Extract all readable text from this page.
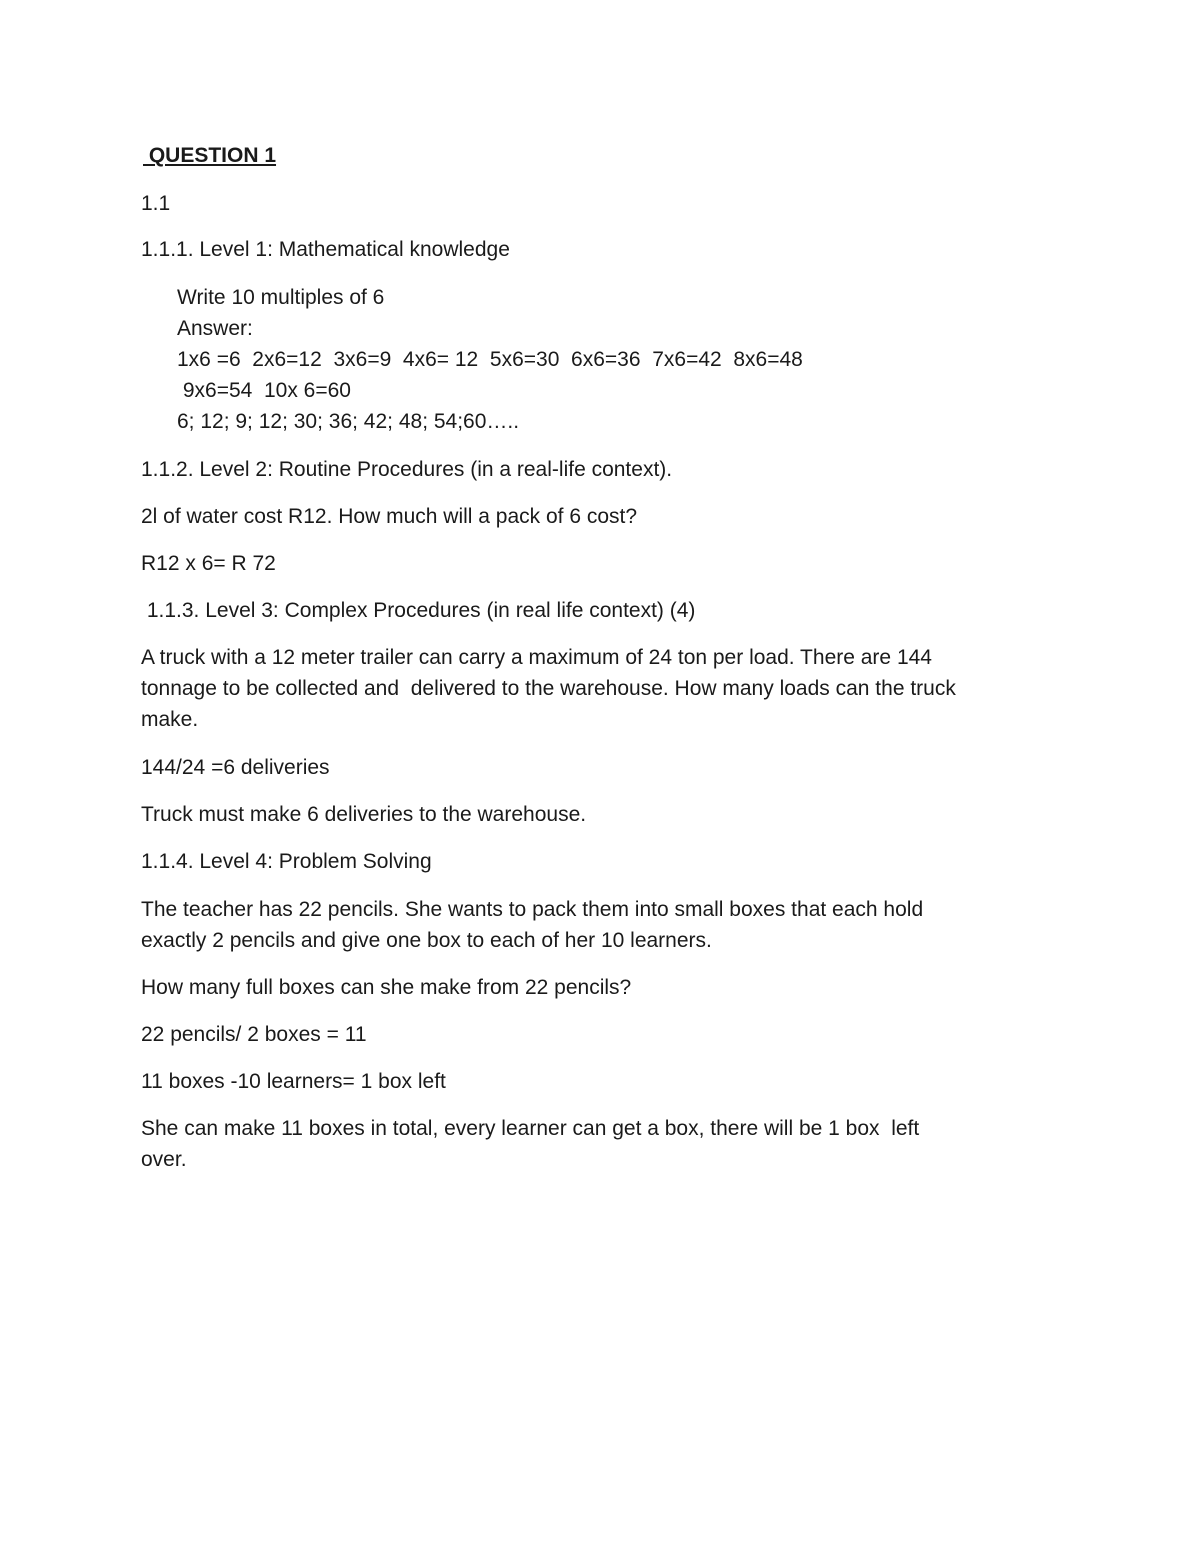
QUESTION 1
1.1
1.1.1. Level 1: Mathematical knowledge
Write 10 multiples of 6
Answer:
1x6 =6  2x6=12  3x6=9  4x6= 12  5x6=30  6x6=36  7x6=42  8x6=48
9x6=54  10x 6=60
6; 12; 9; 12; 30; 36; 42; 48; 54;60…..
1.1.2. Level 2: Routine Procedures (in a real-life context).
2l of water cost R12. How much will a pack of 6 cost?
R12 x 6= R 72
1.1.3. Level 3: Complex Procedures (in real life context) (4)
A truck with a 12 meter trailer can carry a maximum of 24 ton per load. There are 144
tonnage to be collected and  delivered to the warehouse. How many loads can the truck
make.
144/24 =6 deliveries
Truck must make 6 deliveries to the warehouse.
1.1.4. Level 4: Problem Solving
The teacher has 22 pencils. She wants to pack them into small boxes that each hold
exactly 2 pencils and give one box to each of her 10 learners.
How many full boxes can she make from 22 pencils?
22 pencils/ 2 boxes = 11
11 boxes -10 learners= 1 box left
She can make 11 boxes in total, every learner can get a box, there will be 1 box  left
over.
